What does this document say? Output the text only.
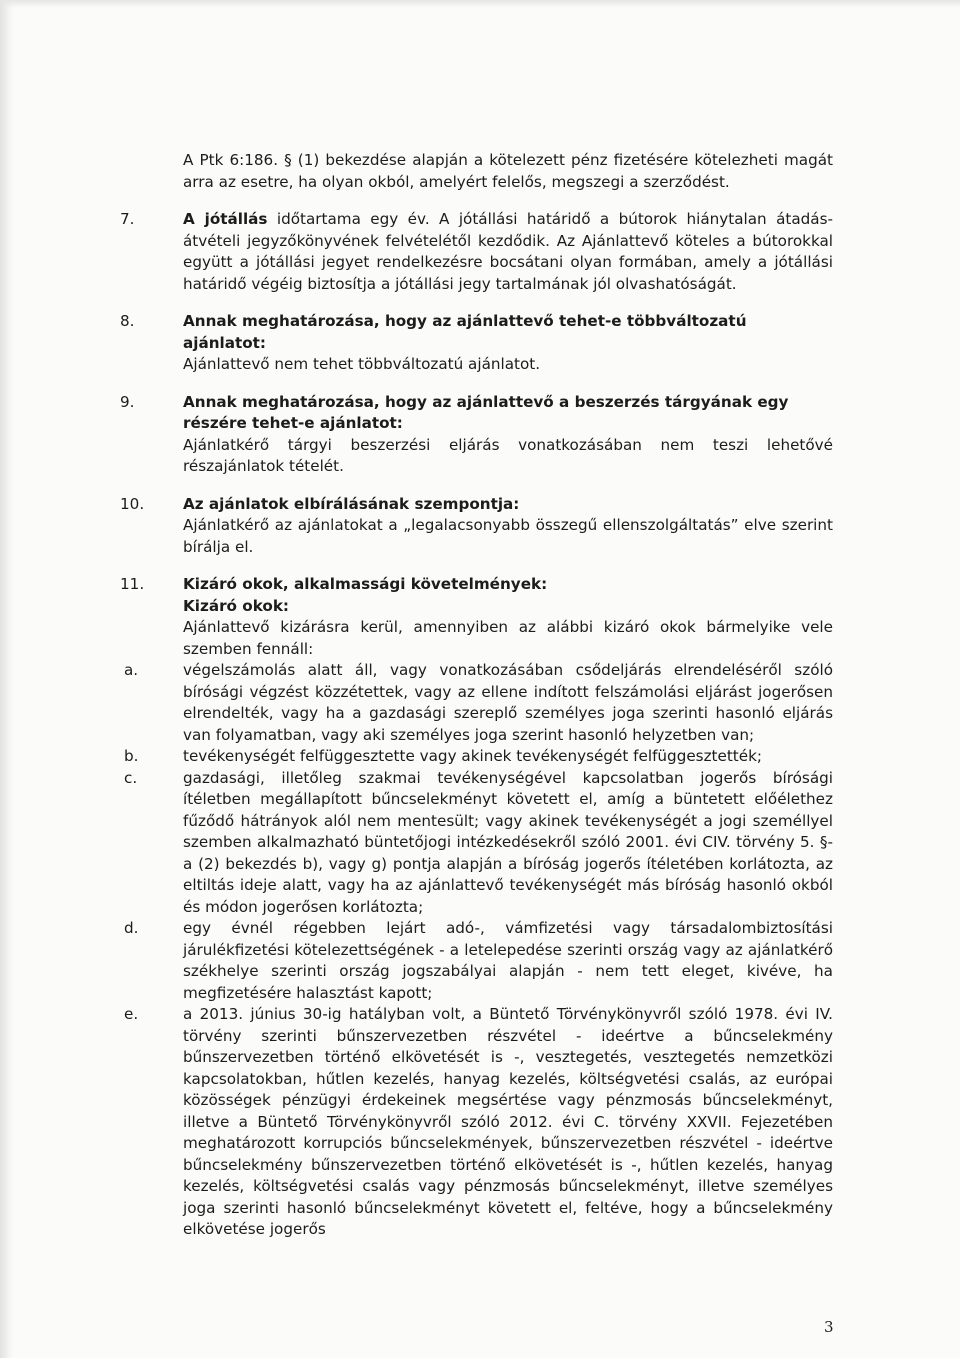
A Ptk 6:186. § (1) bekezdése alapján a kötelezett pénz fizetésére kötelezheti magát arra az esetre, ha olyan okból, amelyért felelős, megszegi a szerződést.

7.	A jótállás időtartama egy év. A jótállási határidő a bútorok hiánytalan átadás-átvételi jegyzőkönyvének felvételétől kezdődik. Az Ajánlattevő köteles a bútorokkal együtt a jótállási jegyet rendelkezésre bocsátani olyan formában, amely a jótállási határidő végéig biztosítja a jótállási jegy tartalmának jól olvashatóságát.

8.	Annak meghatározása, hogy az ajánlattevő tehet-e többváltozatú ajánlatot:

Ajánlattevő nem tehet többváltozatú ajánlatot.

9.	Annak meghatározása, hogy az ajánlattevő a beszerzés tárgyának egy részére tehet-e ajánlatot:

Ajánlatkérő tárgyi beszerzési eljárás vonatkozásában nem teszi lehetővé részajánlatok tételét.

10.	Az ajánlatok elbírálásának szempontja:

Ajánlatkérő az ajánlatokat a „legalacsonyabb összegű ellenszolgáltatás” elve szerint bírálja el.

11.	Kizáró okok, alkalmassági követelmények:
Kizáró okok:

Ajánlattevő kizárásra kerül, amennyiben az alábbi kizáró okok bármelyike vele szemben fennáll:

a.	végelszámolás alatt áll, vagy vonatkozásában csődeljárás elrendeléséről szóló bírósági végzést közzétettek, vagy az ellene indított felszámolási eljárást jogerősen elrendelték, vagy ha a gazdasági szereplő személyes joga szerinti hasonló eljárás van folyamatban, vagy aki személyes joga szerint hasonló helyzetben van;
b.	tevékenységét felfüggesztette vagy akinek tevékenységét felfüggesztették;
c.	gazdasági, illetőleg szakmai tevékenységével kapcsolatban jogerős bírósági ítéletben megállapított bűncselekményt követett el, amíg a büntetett előélethez fűződő hátrányok alól nem mentesült; vagy akinek tevékenységét a jogi személlyel szemben alkalmazható büntetőjogi intézkedésekről szóló 2001. évi CIV. törvény 5. §-a (2) bekezdés b), vagy g) pontja alapján a bíróság jogerős ítéletében korlátozta, az eltiltás ideje alatt, vagy ha az ajánlattevő tevékenységét más bíróság hasonló okból és módon jogerősen korlátozta;
d.	egy évnél régebben lejárt adó-, vámfizetési vagy társadalombiztosítási járulékfizetési kötelezettségének - a letelepedése szerinti ország vagy az ajánlatkérő székhelye szerinti ország jogszabályai alapján - nem tett eleget, kivéve, ha megfizetésére halasztást kapott;
e.	a 2013. június 30-ig hatályban volt, a Büntető Törvénykönyvről szóló 1978. évi IV. törvény szerinti bűnszervezetben részvétel - ideértve a bűncselekmény bűnszervezetben történő elkövetését is -, vesztegetés, vesztegetés nemzetközi kapcsolatokban, hűtlen kezelés, hanyag kezelés, költségvetési csalás, az európai közösségek pénzügyi érdekeinek megsértése vagy pénzmosás bűncselekményt, illetve a Büntető Törvénykönyvről szóló 2012. évi C. törvény XXVII. Fejezetében meghatározott korrupciós bűncselekmények, bűnszervezetben részvétel - ideértve bűncselekmény bűnszervezetben történő elkövetését is -, hűtlen kezelés, hanyag kezelés, költségvetési csalás vagy pénzmosás bűncselekményt, illetve személyes joga szerinti hasonló bűncselekményt követett el, feltéve, hogy a bűncselekmény elkövetése jogerős
3
